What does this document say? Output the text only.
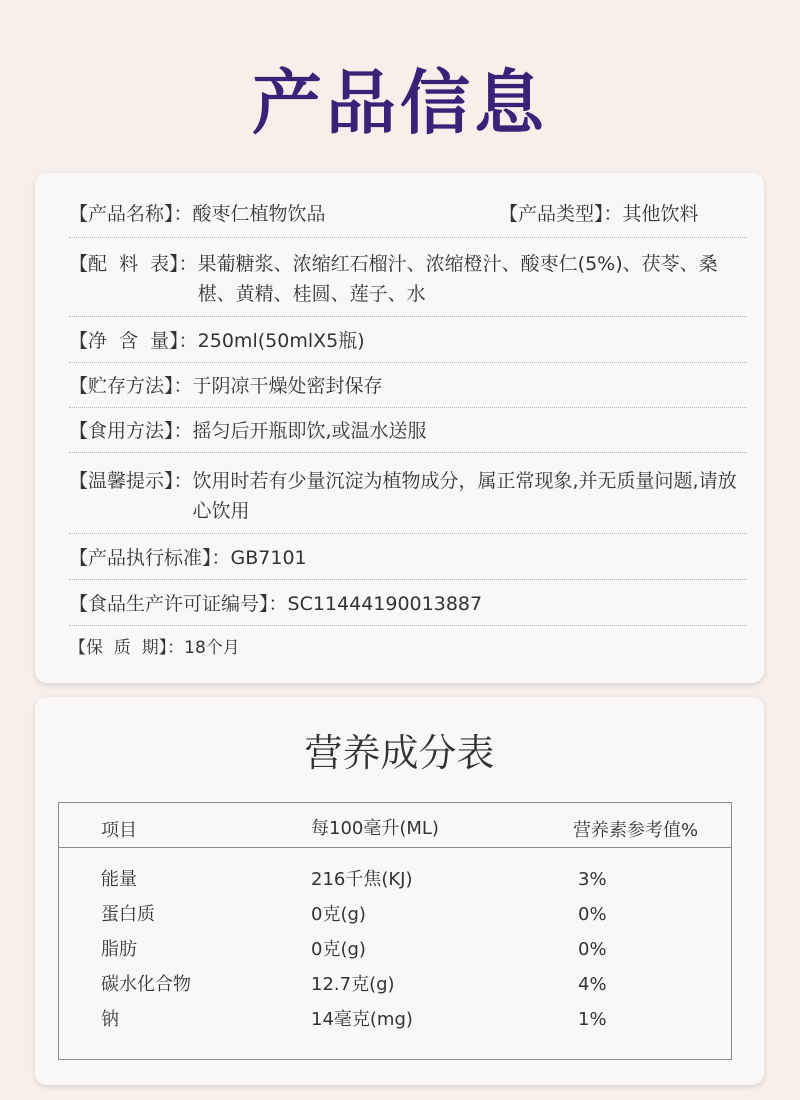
产品信息
【产品名称】： 酸枣仁植物饮品	【产品类型】：其他饮料
【配  料  表】： 果葡糖浆、浓缩红石榴汁、浓缩橙汁、酸枣仁(5%)、茯苓、桑椹、黄精、桂圆、莲子、水
【净  含  量】： 250ml(50mlX5瓶)
【贮存方法】： 于阴凉干燥处密封保存
【食用方法】： 摇匀后开瓶即饮,或温水送服
【温馨提示】： 饮用时若有少量沉淀为植物成分，属正常现象,并无质量问题,请放心饮用
【产品执行标准】： GB7101
【食品生产许可证编号】： SC11444190013887
【保  质  期】： 18个月
营养成分表
项目	每100毫升(ML)	营养素参考值%
能量	216千焦(KJ)	3%
蛋白质	0克(g)	0%
脂肪	0克(g)	0%
碳水化合物	12.7克(g)	4%
钠	14毫克(mg)	1%
